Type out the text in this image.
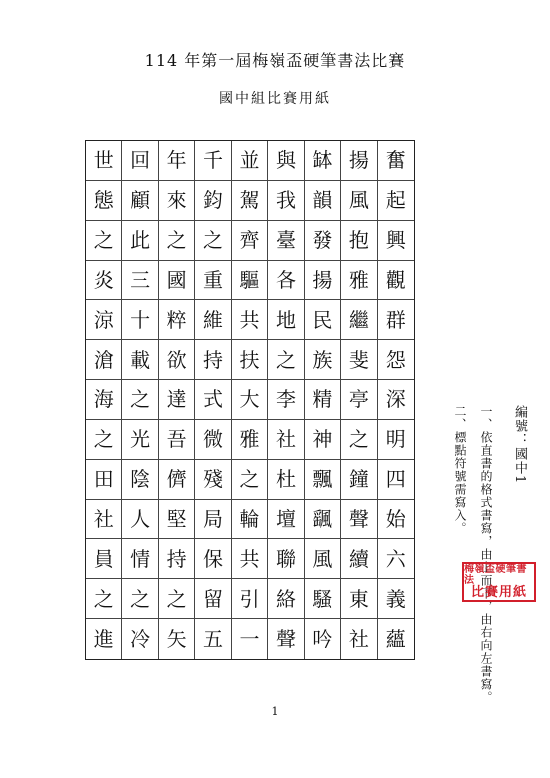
114 年第一屆梅嶺盃硬筆書法比賽
國中組比賽用紙
世 回 年 千 並 與 缽 揚 奮
態 顧 來 鈞 駕 我 韻 風 起
之 此 之 之 齊 臺 發 抱 興
炎 三 國 重 驅 各 揚 雅 觀
涼 十 粹 維 共 地 民 繼 群
滄 載 欲 持 扶 之 族 斐 怨
海 之 達 式 大 李 精 亭 深
之 光 吾 微 雅 社 神 之 明
田 陰 儕 殘 之 杜 飄 鐘 四
社 人 堅 局 輪 壇 颻 聲 始
員 情 持 保 共 聯 風 續 六
之 之 之 留 引 絡 騷 東 義
進 冷 矢 五 一 聲 吟 社 蘊
編號：國中1
一、依直書的格式書寫，由上而下，由右向左書寫。
二、標點符號需寫入。
梅嶺盃硬筆書法
比賽用紙
1
